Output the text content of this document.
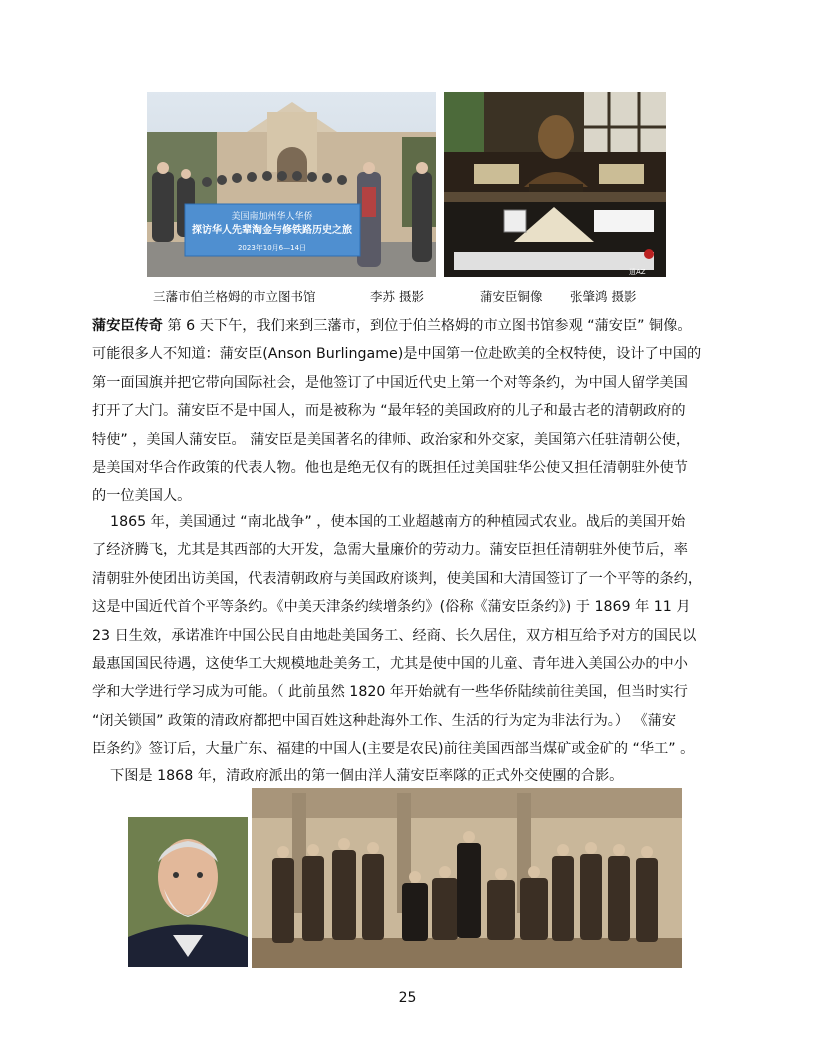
美国南加州华人华侨
探访华人先辈淘金与修铁路历史之旅
2023年10月6—14日
逍AZ
三藩市伯兰格姆的市立图书馆	李苏 摄影	蒲安臣铜像 张肇鸿 摄影

蒲安臣传奇 第 6 天下午，我们来到三藩市，到位于伯兰格姆的市立图书馆参观 “蒲安臣” 铜像。

可能很多人不知道：蒲安臣(Anson Burlingame)是中国第一位赴欧美的全权特使，设计了中国的

第一面国旗并把它带向国际社会，是他签订了中国近代史上第一个对等条约，为中国人留学美国

打开了大门。蒲安臣不是中国人，而是被称为 “最年轻的美国政府的儿子和最古老的清朝政府的

特使” ，美国人蒲安臣。 蒲安臣是美国著名的律师、政治家和外交家，美国第六任驻清朝公使，

是美国对华合作政策的代表人物。他也是绝无仅有的既担任过美国驻华公使又担任清朝驻外使节

的一位美国人。

1865 年，美国通过 “南北战争” ，使本国的工业超越南方的种植园式农业。战后的美国开始

了经济腾飞，尤其是其西部的大开发，急需大量廉价的劳动力。蒲安臣担任清朝驻外使节后，率

清朝驻外使团出访美国，代表清朝政府与美国政府谈判，使美国和大清国签订了一个平等的条约，

这是中国近代首个平等条约。《中美天津条约续增条约》(俗称《蒲安臣条约》) 于 1869 年 11 月

23 日生效，承诺准许中国公民自由地赴美国务工、经商、长久居住，双方相互给予对方的国民以

最惠国国民待遇，这使华工大规模地赴美务工，尤其是使中国的儿童、青年进入美国公办的中小

学和大学进行学习成为可能。（ 此前虽然 1820 年开始就有一些华侨陆续前往美国，但当时实行

“闭关锁国” 政策的清政府都把中国百姓这种赴海外工作、生活的行为定为非法行为。） 《蒲安

臣条约》签订后，大量广东、福建的中国人(主要是农民)前往美国西部当煤矿或金矿的 “华工” 。

下图是 1868 年，清政府派出的第一個由洋人蒲安臣率隊的正式外交使團的合影。

25
